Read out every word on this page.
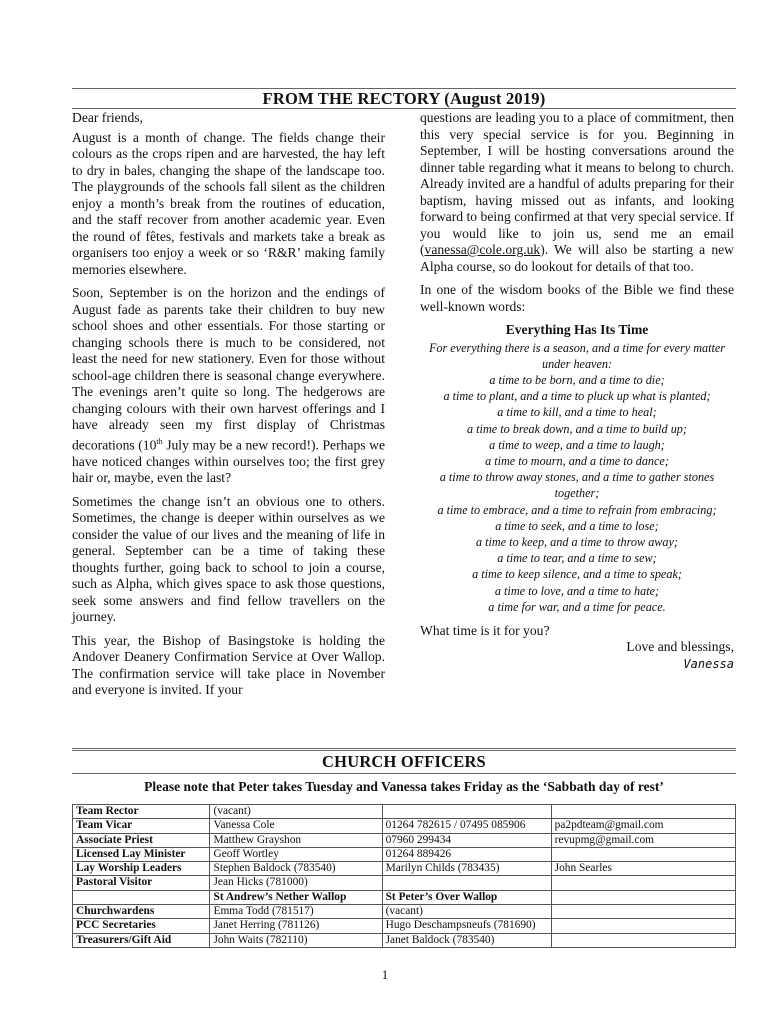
FROM THE RECTORY (August 2019)

Dear friends,

August is a month of change. The fields change their colours as the crops ripen and are harvested, the hay left to dry in bales, changing the shape of the landscape too. The playgrounds of the schools fall silent as the children enjoy a month’s break from the routines of education, and the staff recover from another academic year. Even the round of fêtes, festivals and markets take a break as organisers too enjoy a week or so ‘R&R’ making family memories elsewhere.

Soon, September is on the horizon and the endings of August fade as parents take their children to buy new school shoes and other essentials. For those starting or changing schools there is much to be considered, not least the need for new stationery. Even for those without school-age children there is seasonal change everywhere. The evenings aren’t quite so long. The hedgerows are changing colours with their own harvest offerings and I have already seen my first display of Christmas decorations (10th July may be a new record!). Perhaps we have noticed changes within ourselves too; the first grey hair or, maybe, even the last?

Sometimes the change isn’t an obvious one to others. Sometimes, the change is deeper within ourselves as we consider the value of our lives and the meaning of life in general. September can be a time of taking these thoughts further, going back to school to join a course, such as Alpha, which gives space to ask those questions, seek some answers and find fellow travellers on the journey.

This year, the Bishop of Basingstoke is holding the Andover Deanery Confirmation Service at Over Wallop. The confirmation service will take place in November and everyone is invited. If your

questions are leading you to a place of commitment, then this very special service is for you. Beginning in September, I will be hosting conversations around the dinner table regarding what it means to belong to church. Already invited are a handful of adults preparing for their baptism, having missed out as infants, and looking forward to being confirmed at that very special service. If you would like to join us, send me an email (vanessa@cole.org.uk). We will also be starting a new Alpha course, so do lookout for details of that too.

In one of the wisdom books of the Bible we find these well-known words:

Everything Has Its Time
For everything there is a season, and a time for every matter under heaven:
a time to be born, and a time to die;
a time to plant, and a time to pluck up what is planted;
a time to kill, and a time to heal;
a time to break down, and a time to build up;
a time to weep, and a time to laugh;
a time to mourn, and a time to dance;
a time to throw away stones, and a time to gather stones together;
a time to embrace, and a time to refrain from embracing;
a time to seek, and a time to lose;
a time to keep, and a time to throw away;
a time to tear, and a time to sew;
a time to keep silence, and a time to speak;
a time to love, and a time to hate;
a time for war, and a time for peace.
What time is it for you?
Love and blessings,
Vanessa
CHURCH OFFICERS
Please note that Peter takes Tuesday and Vanessa takes Friday as the ‘Sabbath day of rest’
Team Rector	(vacant)		
Team Vicar	Vanessa Cole	01264 782615 / 07495 085906	pa2pdteam@gmail.com
Associate Priest	Matthew Grayshon	07960 299434	revupmg@gmail.com
Licensed Lay Minister	Geoff Wortley	01264 889426	
Lay Worship Leaders	Stephen Baldock (783540)	Marilyn Childs (783435)	John Searles
Pastoral Visitor	Jean Hicks (781000)		
	St Andrew’s Nether Wallop	St Peter’s Over Wallop	
Churchwardens	Emma Todd (781517)	(vacant)	
PCC Secretaries	Janet Herring (781126)	Hugo Deschampsneufs (781690)	
Treasurers/Gift Aid	John Waits (782110)	Janet Baldock (783540)	
1
